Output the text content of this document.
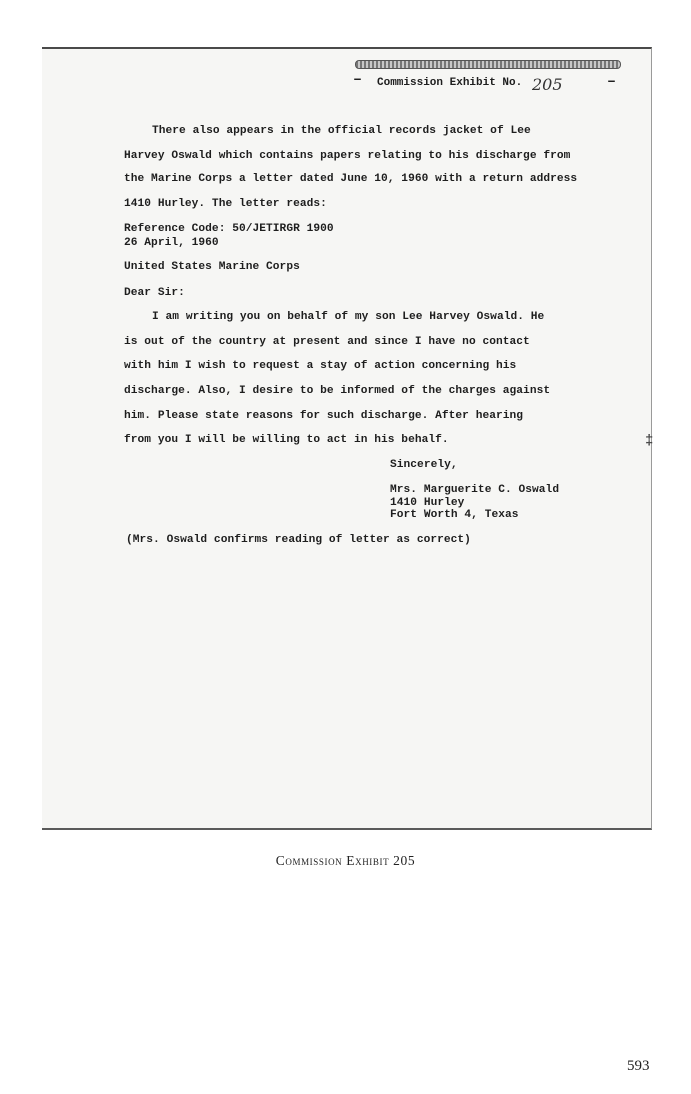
–	–
Commission Exhibit No. 205
There also appears in the official records jacket of Lee
Harvey Oswald which contains papers relating to his discharge from
the Marine Corps a letter dated June 10, 1960 with a return address
1410 Hurley. The letter reads:
Reference Code: 50/JETIRGR 1900
26 April, 1960
United States Marine Corps
Dear Sir:
I am writing you on behalf of my son Lee Harvey Oswald. He
is out of the country at present and since I have no contact
with him I wish to request a stay of action concerning his
discharge. Also, I desire to be informed of the charges against
him. Please state reasons for such discharge. After hearing
from you I will be willing to act in his behalf.
Sincerely,
Mrs. Marguerite C. Oswald
1410 Hurley
Fort Worth 4, Texas
(Mrs. Oswald confirms reading of letter as correct)
‡
Commission Exhibit 205
593
